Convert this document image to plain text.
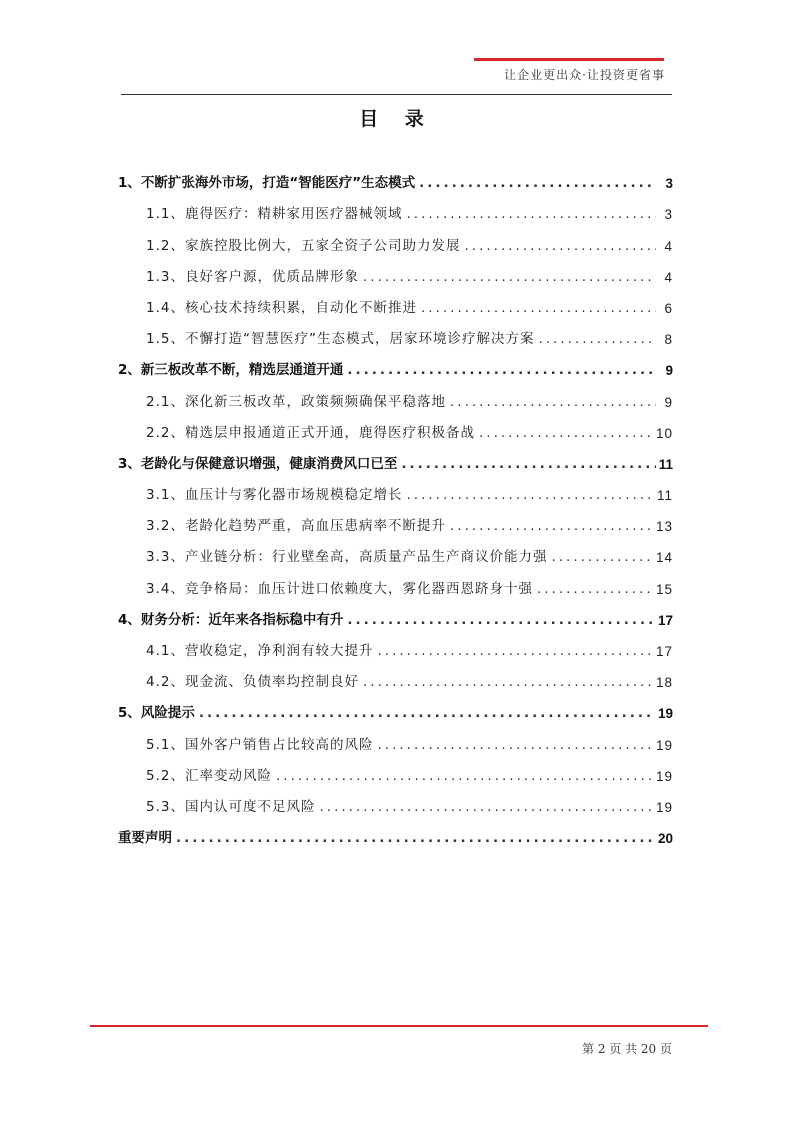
让企业更出众·让投资更省事
目 录
1、不断扩张海外市场，打造“智能医疗”生态模式 .....	3
1.1、鹿得医疗：精耕家用医疗器械领域 .....	3
1.2、家族控股比例大，五家全资子公司助力发展 .....	4
1.3、良好客户源，优质品牌形象 .....	4
1.4、核心技术持续积累，自动化不断推进 .....	6
1.5、不懈打造“智慧医疗”生态模式，居家环境诊疗解决方案 .....	8
2、新三板改革不断，精选层通道开通 .....	9
2.1、深化新三板改革，政策频频确保平稳落地 .....	9
2.2、精选层申报通道正式开通，鹿得医疗积极备战 .....	10
3、老龄化与保健意识增强，健康消费风口已至 .....	11
3.1、血压计与雾化器市场规模稳定增长 .....	11
3.2、老龄化趋势严重，高血压患病率不断提升 .....	13
3.3、产业链分析：行业壁垒高，高质量产品生产商议价能力强 .....	14
3.4、竞争格局：血压计进口依赖度大，雾化器西恩跻身十强 .....	15
4、财务分析：近年来各指标稳中有升 .....	17
4.1、营收稳定，净利润有较大提升 .....	17
4.2、现金流、负债率均控制良好 .....	18
5、风险提示 .....	19
5.1、国外客户销售占比较高的风险 .....	19
5.2、汇率变动风险 .....	19
5.3、国内认可度不足风险 .....	19
重要声明 .....	20
第 2 页 共 20 页
